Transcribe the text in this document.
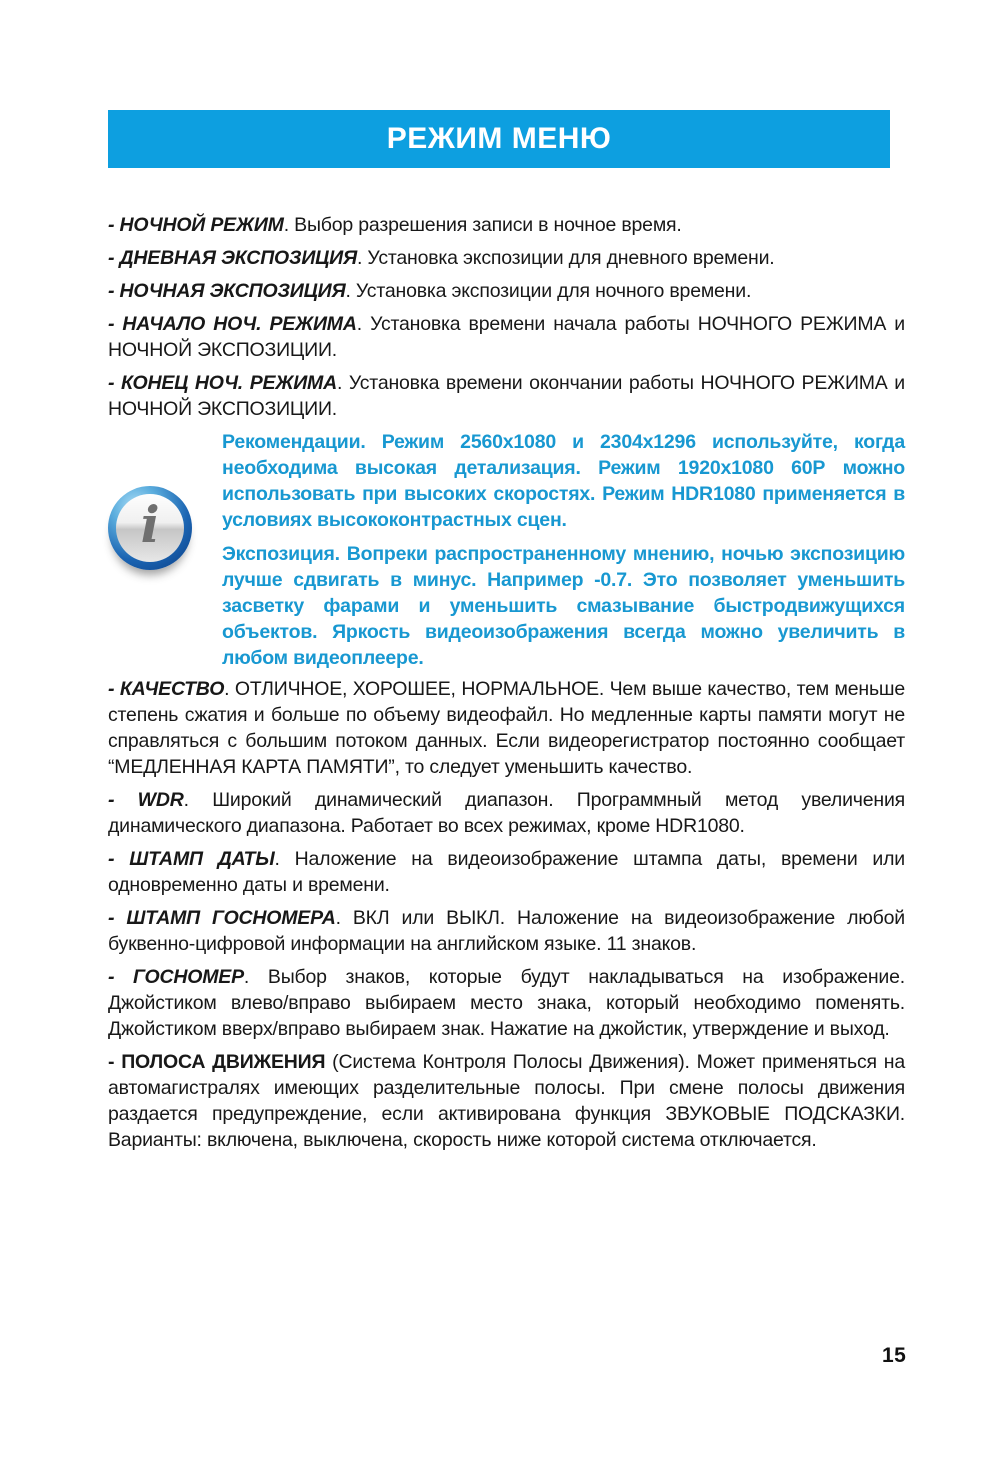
РЕЖИМ МЕНЮ

- НОЧНОЙ РЕЖИМ. Выбор разрешения записи в ночное время.

- ДНЕВНАЯ ЭКСПОЗИЦИЯ. Установка экспозиции для дневного времени.

- НОЧНАЯ ЭКСПОЗИЦИЯ. Установка экспозиции для ночного времени.

- НАЧАЛО НОЧ. РЕЖИМА. Установка времени начала работы НОЧНОГО РЕЖИМА и НОЧНОЙ ЭКСПОЗИЦИИ.

- КОНЕЦ НОЧ. РЕЖИМА. Установка времени окончании работы НОЧНОГО РЕЖИМА и НОЧНОЙ ЭКСПОЗИЦИИ.

i

Рекомендации. Режим 2560х1080 и 2304х1296 используйте, когда необходима высокая детализация. Режим 1920х1080 60Р можно использовать при высоких скоростях. Режим HDR1080 применяется в условиях высококонтрастных сцен.

Экспозиция. Вопреки распространенному мнению, ночью экспозицию лучше сдвигать в минус. Например -0.7. Это позволяет уменьшить засветку фарами и уменьшить смазывание быстродвижущихся объектов. Яркость видеоизображения всегда можно увеличить в любом видеоплеере.

- КАЧЕСТВО. ОТЛИЧНОЕ, ХОРОШЕЕ, НОРМАЛЬНОЕ. Чем выше качество, тем меньше степень сжатия и больше по объему видеофайл. Но медленные карты памяти могут не справляться с большим потоком данных. Если видеорегистратор постоянно сообщает “МЕДЛЕННАЯ КАРТА ПАМЯТИ”, то следует уменьшить качество.

- WDR. Широкий динамический диапазон. Программный метод увеличения динамического диапазона. Работает во всех режимах, кроме HDR1080.

- ШТАМП ДАТЫ. Наложение на видеоизображение штампа даты, времени или одновременно даты и времени.

- ШТАМП ГОСНОМЕРА. ВКЛ или ВЫКЛ. Наложение на видеоизображение любой буквенно-цифровой информации на английском языке. 11 знаков.

- ГОСНОМЕР. Выбор знаков, которые будут накладываться на изображение. Джойстиком влево/вправо выбираем место знака, который необходимо поменять. Джойстиком вверх/вправо выбираем знак. Нажатие на джойстик, утверждение и выход.

- ПОЛОСА ДВИЖЕНИЯ (Система Контроля Полосы Движения). Может применяться на автомагистралях имеющих разделительные полосы. При смене полосы движения раздается предупреждение, если активирована функция ЗВУКОВЫЕ ПОДСКАЗКИ. Варианты: включена, выключена, скорость ниже которой система отключается.

15
